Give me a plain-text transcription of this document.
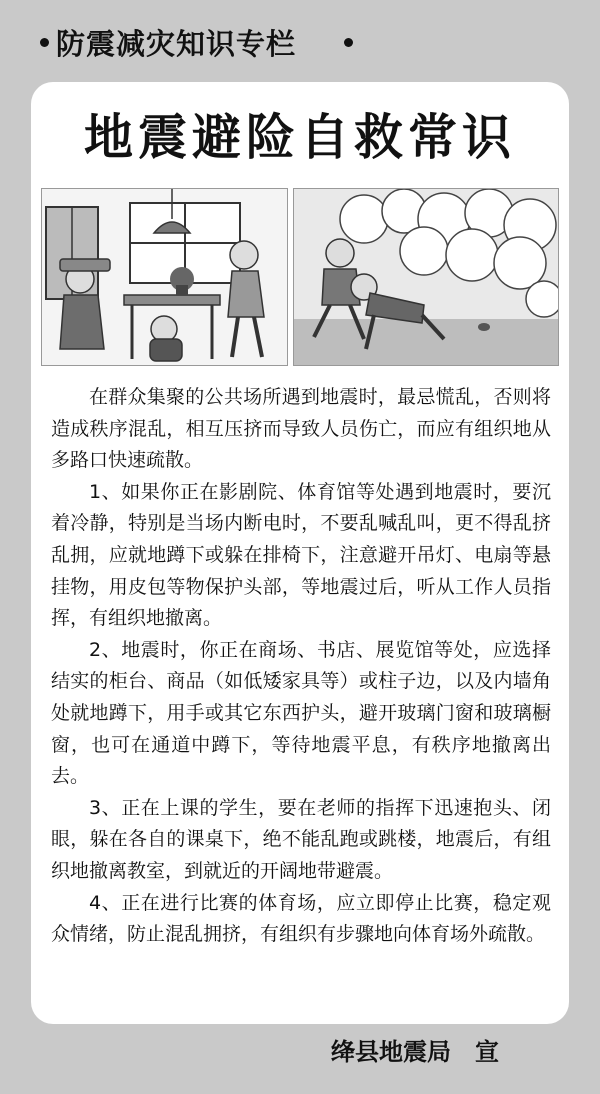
防震减灾知识专栏
地震避险自救常识

在群众集聚的公共场所遇到地震时，最忌慌乱，否则将造成秩序混乱，相互压挤而导致人员伤亡，而应有组织地从多路口快速疏散。

1、如果你正在影剧院、体育馆等处遇到地震时，要沉着冷静，特别是当场内断电时，不要乱喊乱叫，更不得乱挤乱拥，应就地蹲下或躲在排椅下，注意避开吊灯、电扇等悬挂物，用皮包等物保护头部，等地震过后，听从工作人员指挥，有组织地撤离。

2、地震时，你正在商场、书店、展览馆等处，应选择结实的柜台、商品（如低矮家具等）或柱子边，以及内墙角处就地蹲下，用手或其它东西护头，避开玻璃门窗和玻璃橱窗，也可在通道中蹲下，等待地震平息，有秩序地撤离出去。

3、正在上课的学生，要在老师的指挥下迅速抱头、闭眼，躲在各自的课桌下，绝不能乱跑或跳楼，地震后，有组织地撤离教室，到就近的开阔地带避震。

4、正在进行比赛的体育场，应立即停止比赛，稳定观众情绪，防止混乱拥挤，有组织有步骤地向体育场外疏散。

绛县地震局　宣
